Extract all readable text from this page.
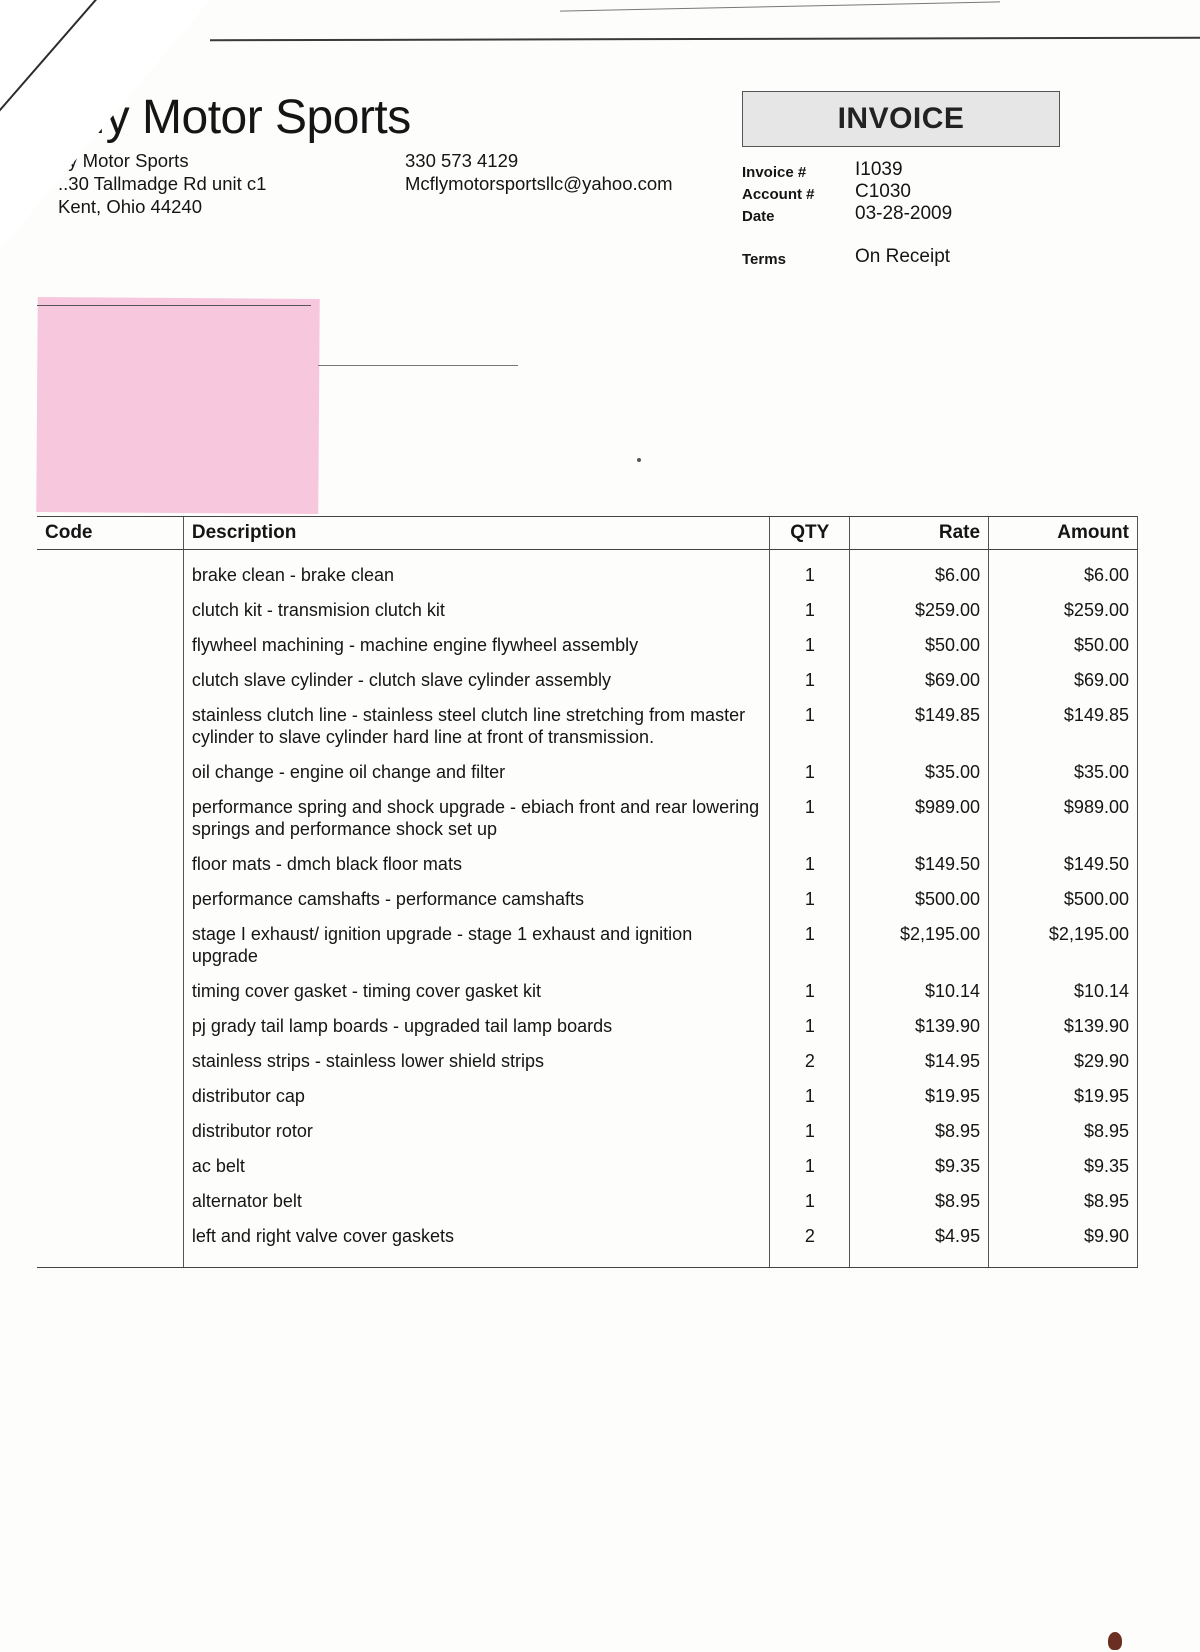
..y Motor Sports
..y Motor Sports
..30 Tallmadge Rd unit c1
Kent, Ohio 44240
330 573 4129
Mcflymotorsportsllc@yahoo.com
INVOICE
Invoice #	I1039
Account #	C1030
Date	03-28-2009
Terms	On Receipt
Code	Description	QTY	Rate	Amount
	brake clean - brake clean	1	$6.00	$6.00
	clutch kit - transmision clutch kit	1	$259.00	$259.00
	flywheel machining - machine engine flywheel assembly	1	$50.00	$50.00
	clutch slave cylinder - clutch slave cylinder assembly	1	$69.00	$69.00
	stainless clutch line - stainless steel clutch line stretching from master cylinder to slave cylinder hard line at front of transmission.	1	$149.85	$149.85
	oil change - engine oil change and filter	1	$35.00	$35.00
	performance spring and shock upgrade - ebiach front and rear lowering springs and performance shock set up	1	$989.00	$989.00
	floor mats - dmch black floor mats	1	$149.50	$149.50
	performance camshafts - performance camshafts	1	$500.00	$500.00
	stage I exhaust/ ignition upgrade - stage 1 exhaust and ignition upgrade	1	$2,195.00	$2,195.00
	timing cover gasket - timing cover gasket kit	1	$10.14	$10.14
	pj grady tail lamp boards - upgraded tail lamp boards	1	$139.90	$139.90
	stainless strips - stainless lower shield strips	2	$14.95	$29.90
	distributor cap	1	$19.95	$19.95
	distributor rotor	1	$8.95	$8.95
	ac belt	1	$9.35	$9.35
	alternator belt	1	$8.95	$8.95
	left and right valve cover gaskets	2	$4.95	$9.90
